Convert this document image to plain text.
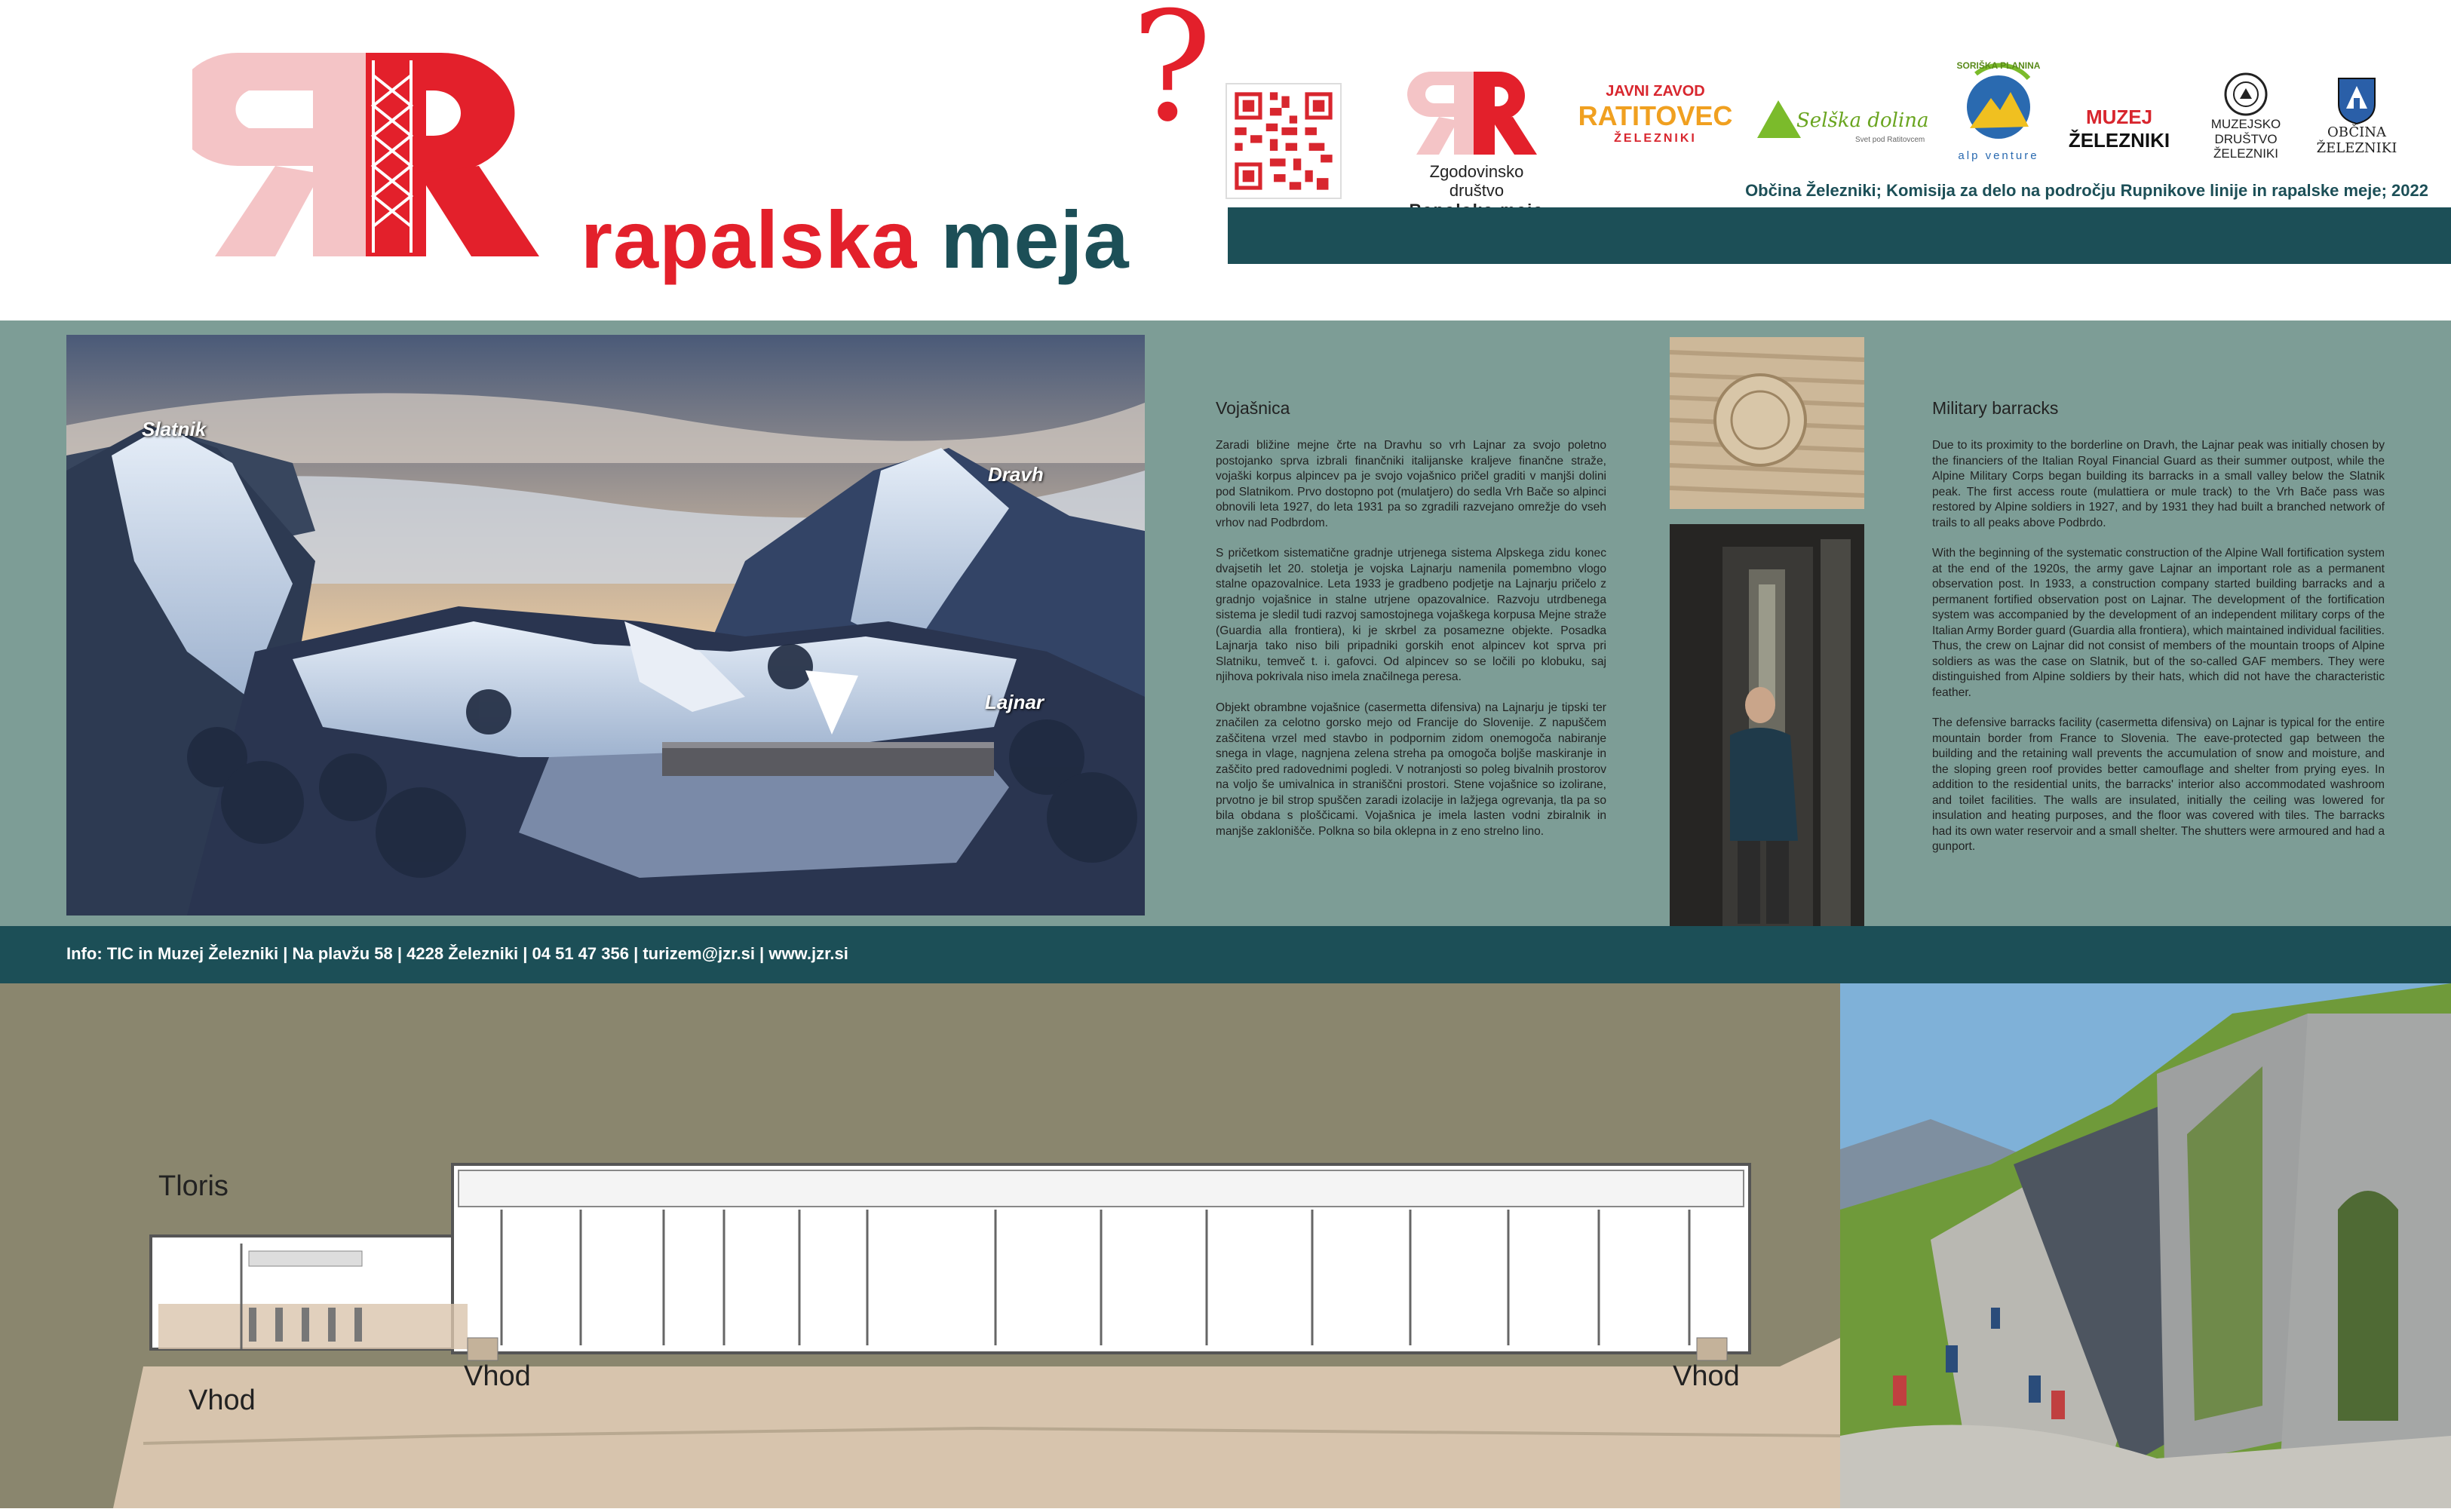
rapalska meja
?
Zgodovinsko društvo
JAVNI ZAVOD
RATITOVEC
ŽELEZNIKI
Selška dolina
Svet pod Ratitovcem
SORIŠKA PLANINA
alp venture
MUZEJ
ŽELEZNIKI
MUZEJSKO
DRUŠTVO
ŽELEZNIKI
OBČINA
ŽELEZNIKI
Občina Železniki; Komisija za delo na področju Rupnikove linije in rapalske meje; 2022
Slatnik
Dravh
Lajnar
Vojašnica

Zaradi bližine mejne črte na Dravhu so vrh Lajnar za svojo poletno postojanko sprva izbrali finančniki italijanske kraljeve finančne straže, vojaški korpus alpincev pa je svojo vojašnico pričel graditi v manjši dolini pod Slatnikom. Prvo dostopno pot (mulatjero) do sedla Vrh Bače so alpinci obnovili leta 1927, do leta 1931 pa so zgradili razvejano omrežje do vseh vrhov nad Podbrdom.

S pričetkom sistematične gradnje utrjenega sistema Alpskega zidu konec dvajsetih let 20. stoletja je vojska Lajnarju namenila pomembno vlogo stalne opazovalnice. Leta 1933 je gradbeno podjetje na Lajnarju pričelo z gradnjo vojašnice in stalne utrjene opazovalnice. Razvoju utrdbenega sistema je sledil tudi razvoj samostojnega vojaškega korpusa Mejne straže (Guardia alla frontiera), ki je skrbel za posamezne objekte. Posadka Lajnarja tako niso bili pripadniki gorskih enot alpincev kot sprva pri Slatniku, temveč t. i. gafovci. Od alpincev so se ločili po klobuku, saj njihova pokrivala niso imela značilnega peresa.

Objekt obrambne vojašnice (casermetta difensiva) na Lajnarju je tipski ter značilen za celotno gorsko mejo od Francije do Slovenije. Z napuščem zaščitena vrzel med stavbo in podpornim zidom onemogoča nabiranje snega in vlage, nagnjena zelena streha pa omogoča boljše maskiranje in zaščito pred radovednimi pogledi. V notranjosti so poleg bivalnih prostorov na voljo še umivalnica in straniščni prostori. Stene vojašnice so izolirane, prvotno je bil strop spuščen zaradi izolacije in lažjega ogrevanja, tla pa so bila obdana s ploščicami. Vojašnica je imela lasten vodni zbiralnik in manjše zaklonišče. Polkna so bila oklepna in z eno strelno lino.

Military barracks

Due to its proximity to the borderline on Dravh, the Lajnar peak was initially chosen by the financiers of the Italian Royal Financial Guard as their summer outpost, while the Alpine Military Corps began building its barracks in a small valley below the Slatnik peak. The first access route (mulattiera or mule track) to the Vrh Bače pass was restored by Alpine soldiers in 1927, and by 1931 they had built a branched network of trails to all peaks above Podbrdo.

With the beginning of the systematic construction of the Alpine Wall fortification system at the end of the 1920s, the army gave Lajnar an important role as a permanent observation post. In 1933, a construction company started building barracks and a permanent fortified observation post on Lajnar. The development of the fortification system was accompanied by the development of an independent military corps of the Italian Army Border guard (Guardia alla frontiera), which maintained individual facilities. Thus, the crew on Lajnar did not consist of members of the mountain troops of Alpine soldiers as was the case on Slatnik, but of the so-called GAF members. They were distinguished from Alpine soldiers by their hats, which did not have the characteristic feather.

The defensive barracks facility (casermetta difensiva) on Lajnar is typical for the entire mountain border from France to Slovenia. The eave-protected gap between the building and the retaining wall prevents the accumulation of snow and moisture, and the sloping green roof provides better camouflage and shelter from prying eyes. In addition to the residential units, the barracks' interior also accommodated washroom and toilet facilities. The walls are insulated, initially the ceiling was lowered for insulation and heating purposes, and the floor was covered with tiles. The barracks had its own water reservoir and a small shelter. The shutters were armoured and had a gunport.

Info: TIC in Muzej Železniki | Na plavžu 58 | 4228 Železniki | 04 51 47 356 | turizem@jzr.si | www.jzr.si
Tloris
Vhod
Vhod	Vhod
